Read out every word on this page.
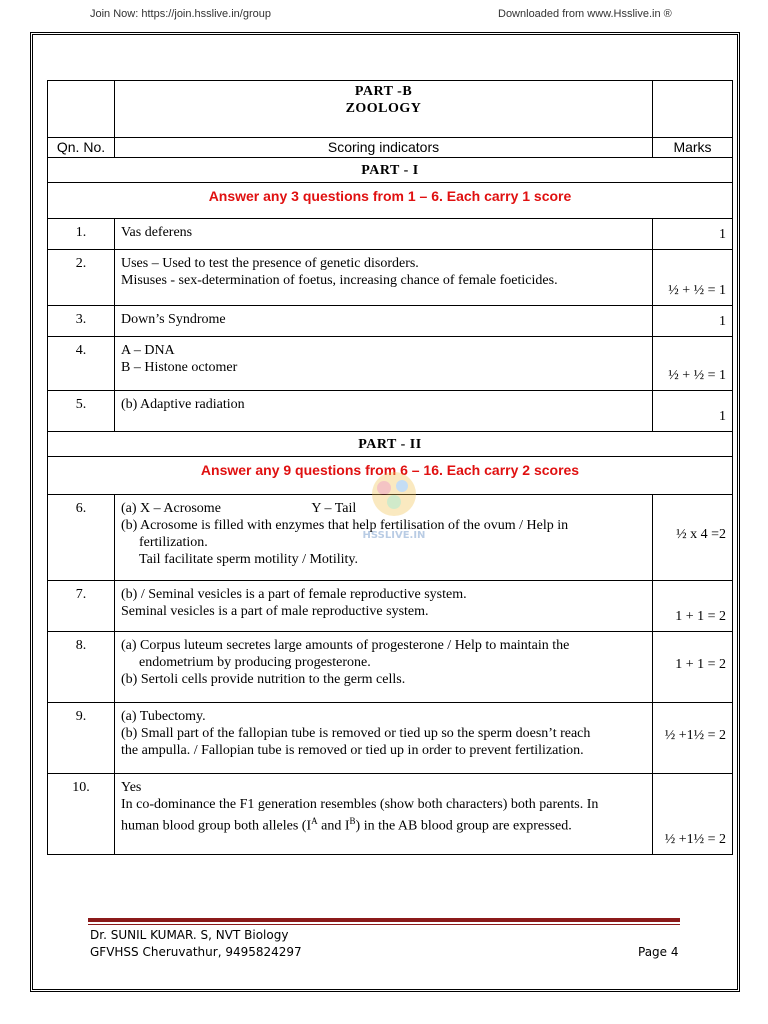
Join Now: https://join.hsslive.in/group	Downloaded from www.Hsslive.in ®

	PART -B
ZOOLOGY	

Qn. No.	Scoring indicators	Marks
PART - I		
Answer any 3 questions from 1 – 6. Each carry 1 score		
1.	Vas deferens	1
2.	Uses – Used to test the presence of genetic disorders.
Misuses - sex-determination of foetus, increasing chance of female foeticides.	½ + ½ = 1
3.	Down’s Syndrome	1
4.	A – DNA
B – Histone octomer	½ + ½ = 1
5.	(b) Adaptive radiation	1
PART - II		
Answer any 9 questions from 6 – 16. Each carry 2 scores		
6.	(a) X – Acrosome                          Y – Tail
(b) Acrosome is filled with enzymes that help fertilisation of the ovum / Help in
fertilization.
Tail facilitate sperm motility / Motility.	½ x 4 =2
7.	(b) / Seminal vesicles is a part of female reproductive system.
Seminal vesicles is a part of male reproductive system.	1 + 1 = 2
8.	(a) Corpus luteum secretes large amounts of progesterone / Help to maintain the
endometrium by producing progesterone.
(b) Sertoli cells provide nutrition to the germ cells.	1 + 1 = 2
9.	(a) Tubectomy.
(b) Small part of the fallopian tube is removed or tied up so the sperm doesn’t reach
the ampulla. / Fallopian tube is removed or tied up in order to prevent fertilization.	½ +1½ = 2
10.	Yes
In co-dominance the F1 generation resembles (show both characters) both parents. In
human blood group both alleles ($I^A$ and $I^B$) in the AB blood group are expressed.	½ +1½ = 2
HSSLIVE.IN
Dr. SUNIL KUMAR. S, NVT Biology
GFVHSS Cheruvathur, 9495824297	Page 4
